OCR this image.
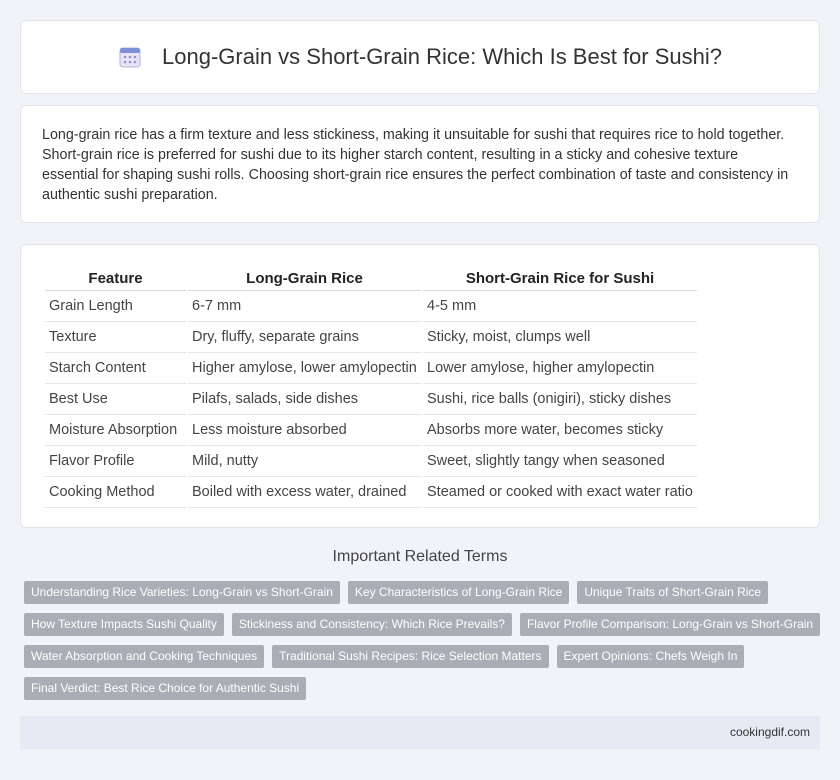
Long-Grain vs Short-Grain Rice: Which Is Best for Sushi?

Long-grain rice has a firm texture and less stickiness, making it unsuitable for sushi that requires rice to hold together. Short-grain rice is preferred for sushi due to its higher starch content, resulting in a sticky and cohesive texture essential for shaping sushi rolls. Choosing short-grain rice ensures the perfect combination of taste and consistency in authentic sushi preparation.

Feature	Long-Grain Rice	Short-Grain Rice for Sushi
Grain Length	6-7 mm	4-5 mm
Texture	Dry, fluffy, separate grains	Sticky, moist, clumps well
Starch Content	Higher amylose, lower amylopectin	Lower amylose, higher amylopectin
Best Use	Pilafs, salads, side dishes	Sushi, rice balls (onigiri), sticky dishes
Moisture Absorption	Less moisture absorbed	Absorbs more water, becomes sticky
Flavor Profile	Mild, nutty	Sweet, slightly tangy when seasoned
Cooking Method	Boiled with excess water, drained	Steamed or cooked with exact water ratio
Important Related Terms
Understanding Rice Varieties: Long-Grain vs Short-Grain	Key Characteristics of Long-Grain Rice	Unique Traits of Short-Grain Rice
How Texture Impacts Sushi Quality	Stickiness and Consistency: Which Rice Prevails?	Flavor Profile Comparison: Long-Grain vs Short-Grain
Water Absorption and Cooking Techniques	Traditional Sushi Recipes: Rice Selection Matters	Expert Opinions: Chefs Weigh In
Final Verdict: Best Rice Choice for Authentic Sushi
cookingdif.com
